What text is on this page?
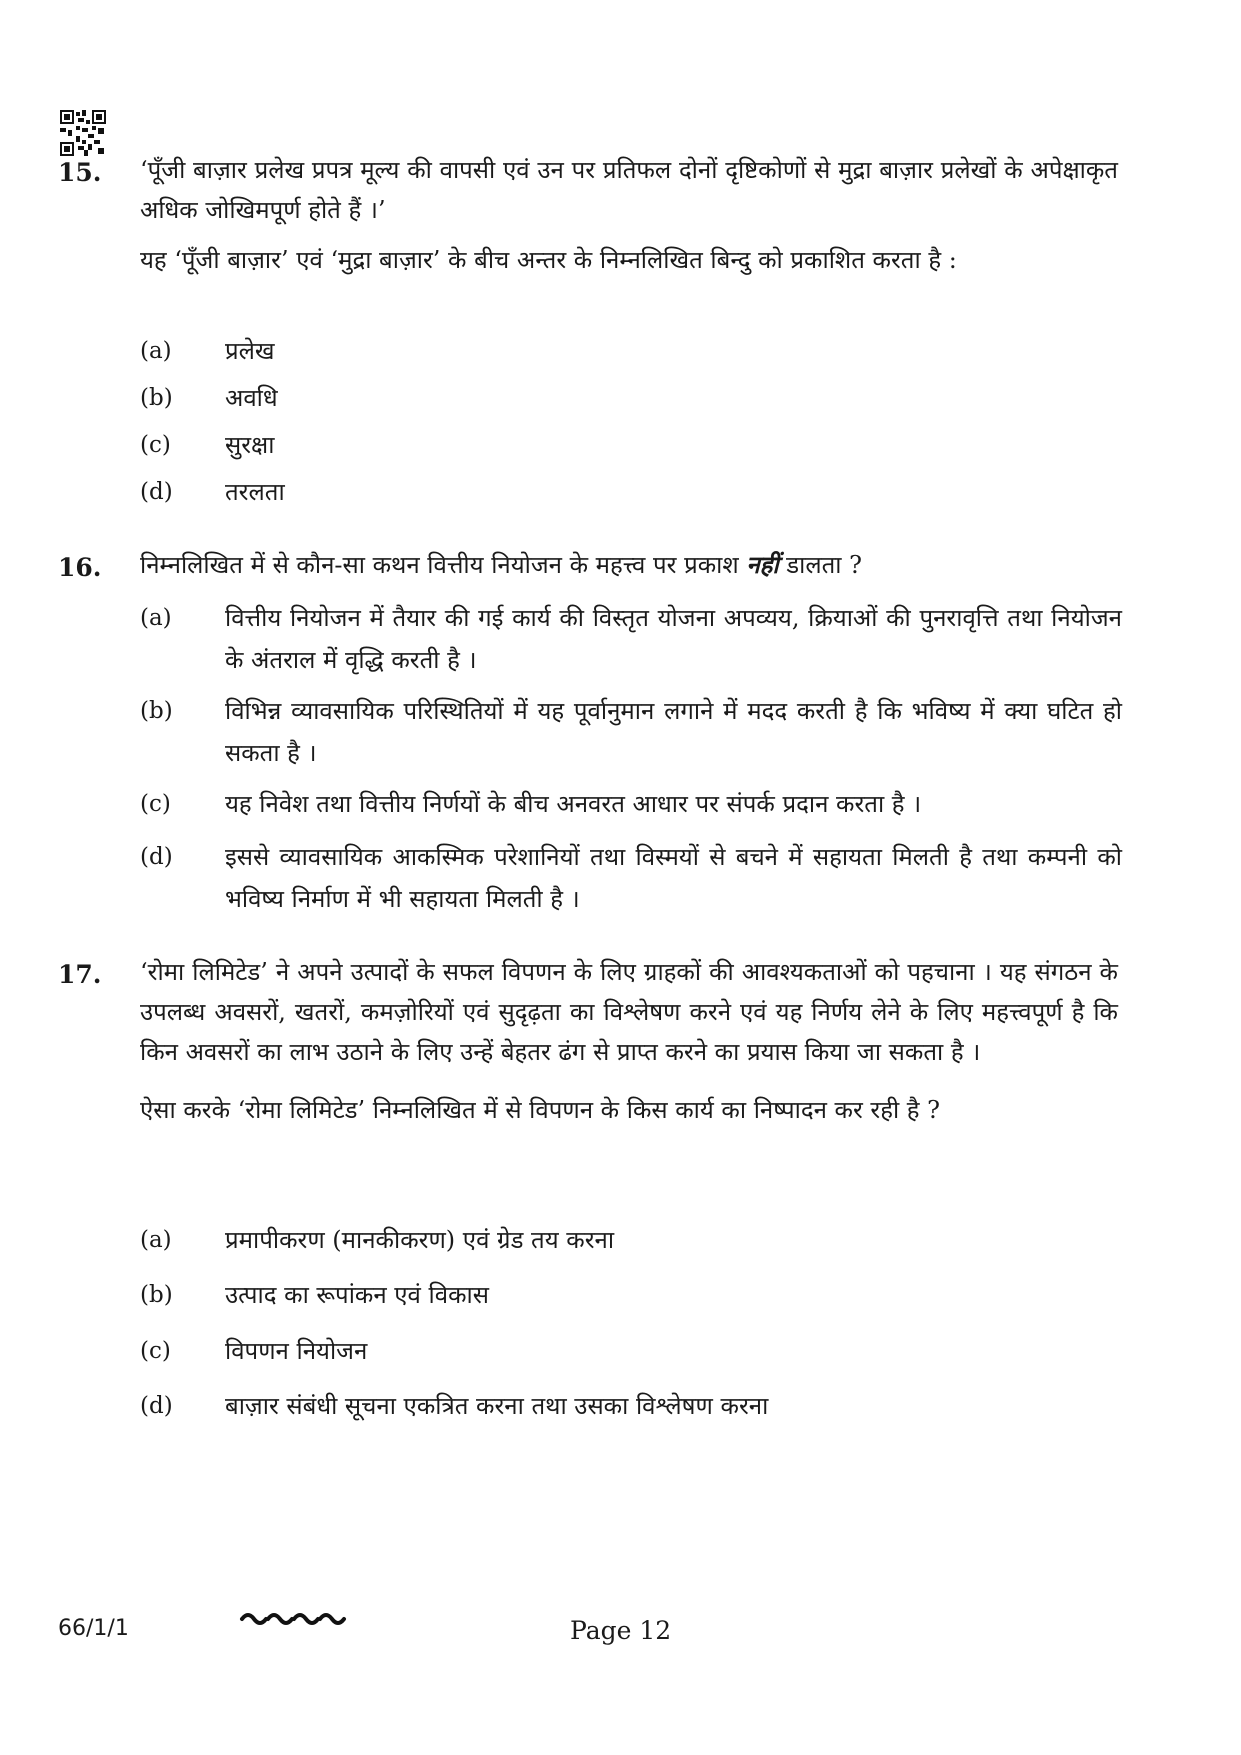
15. ‘पूँजी बाज़ार प्रलेख प्रपत्र मूल्य की वापसी एवं उन पर प्रतिफल दोनों दृष्टिकोणों से मुद्रा बाज़ार प्रलेखों के अपेक्षाकृत अधिक जोखिमपूर्ण होते हैं ।’

यह ‘पूँजी बाज़ार’ एवं ‘मुद्रा बाज़ार’ के बीच अन्तर के निम्नलिखित बिन्दु को प्रकाशित करता है :

(a) प्रलेख
(b) अवधि
(c) सुरक्षा
(d) तरलता
16. निम्नलिखित में से कौन-सा कथन वित्तीय नियोजन के महत्त्व पर प्रकाश नहीं डालता ?

(a) वित्तीय नियोजन में तैयार की गई कार्य की विस्तृत योजना अपव्यय, क्रियाओं की पुनरावृत्ति तथा नियोजन के अंतराल में वृद्धि करती है ।
(b) विभिन्न व्यावसायिक परिस्थितियों में यह पूर्वानुमान लगाने में मदद करती है कि भविष्य में क्या घटित हो सकता है ।
(c) यह निवेश तथा वित्तीय निर्णयों के बीच अनवरत आधार पर संपर्क प्रदान करता है ।
(d) इससे व्यावसायिक आकस्मिक परेशानियों तथा विस्मयों से बचने में सहायता मिलती है तथा कम्पनी को भविष्य निर्माण में भी सहायता मिलती है ।
17. ‘रोमा लिमिटेड’ ने अपने उत्पादों के सफल विपणन के लिए ग्राहकों की आवश्यकताओं को पहचाना । यह संगठन के उपलब्ध अवसरों, खतरों, कमज़ोरियों एवं सुदृढ़ता का विश्लेषण करने एवं यह निर्णय लेने के लिए महत्त्वपूर्ण है कि किन अवसरों का लाभ उठाने के लिए उन्हें बेहतर ढंग से प्राप्त करने का प्रयास किया जा सकता है ।

ऐसा करके ‘रोमा लिमिटेड’ निम्नलिखित में से विपणन के किस कार्य का निष्पादन कर रही है ?

(a) प्रमापीकरण (मानकीकरण) एवं ग्रेड तय करना
(b) उत्पाद का रूपांकन एवं विकास
(c) विपणन नियोजन
(d) बाज़ार संबंधी सूचना एकत्रित करना तथा उसका विश्लेषण करना
66/1/1	Page 12
